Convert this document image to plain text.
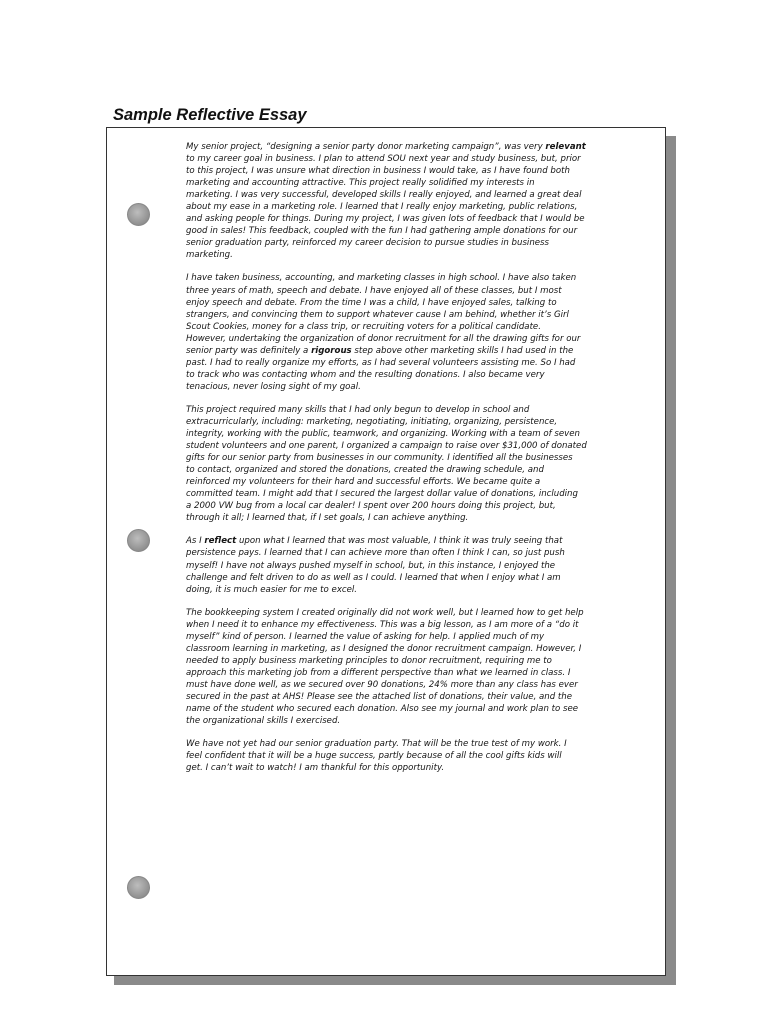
Sample Reflective Essay

My senior project, “designing a senior party donor marketing campaign”, was very relevant
to my career goal in business. I plan to attend SOU next year and study business, but, prior
to this project, I was unsure what direction in business I would take, as I have found both
marketing and accounting attractive. This project really solidified my interests in
marketing. I was very successful, developed skills I really enjoyed, and learned a great deal
about my ease in a marketing role. I learned that I really enjoy marketing, public relations,
and asking people for things. During my project, I was given lots of feedback that I would be
good in sales! This feedback, coupled with the fun I had gathering ample donations for our
senior graduation party, reinforced my career decision to pursue studies in business
marketing.

I have taken business, accounting, and marketing classes in high school. I have also taken
three years of math, speech and debate. I have enjoyed all of these classes, but I most
enjoy speech and debate. From the time I was a child, I have enjoyed sales, talking to
strangers, and convincing them to support whatever cause I am behind, whether it’s Girl
Scout Cookies, money for a class trip, or recruiting voters for a political candidate.
However, undertaking the organization of donor recruitment for all the drawing gifts for our
senior party was definitely a rigorous step above other marketing skills I had used in the
past. I had to really organize my efforts, as I had several volunteers assisting me. So I had
to track who was contacting whom and the resulting donations. I also became very
tenacious, never losing sight of my goal.

This project required many skills that I had only begun to develop in school and
extracurricularly, including: marketing, negotiating, initiating, organizing, persistence,
integrity, working with the public, teamwork, and organizing. Working with a team of seven
student volunteers and one parent, I organized a campaign to raise over $31,000 of donated
gifts for our senior party from businesses in our community. I identified all the businesses
to contact, organized and stored the donations, created the drawing schedule, and
reinforced my volunteers for their hard and successful efforts. We became quite a
committed team. I might add that I secured the largest dollar value of donations, including
a 2000 VW bug from a local car dealer! I spent over 200 hours doing this project, but,
through it all; I learned that, if I set goals, I can achieve anything.

As I reflect upon what I learned that was most valuable, I think it was truly seeing that
persistence pays. I learned that I can achieve more than often I think I can, so just push
myself! I have not always pushed myself in school, but, in this instance, I enjoyed the
challenge and felt driven to do as well as I could. I learned that when I enjoy what I am
doing, it is much easier for me to excel.

The bookkeeping system I created originally did not work well, but I learned how to get help
when I need it to enhance my effectiveness. This was a big lesson, as I am more of a “do it
myself” kind of person. I learned the value of asking for help. I applied much of my
classroom learning in marketing, as I designed the donor recruitment campaign. However, I
needed to apply business marketing principles to donor recruitment, requiring me to
approach this marketing job from a different perspective than what we learned in class. I
must have done well, as we secured over 90 donations, 24% more than any class has ever
secured in the past at AHS! Please see the attached list of donations, their value, and the
name of the student who secured each donation. Also see my journal and work plan to see
the organizational skills I exercised.

We have not yet had our senior graduation party. That will be the true test of my work. I
feel confident that it will be a huge success, partly because of all the cool gifts kids will
get. I can’t wait to watch! I am thankful for this opportunity.
